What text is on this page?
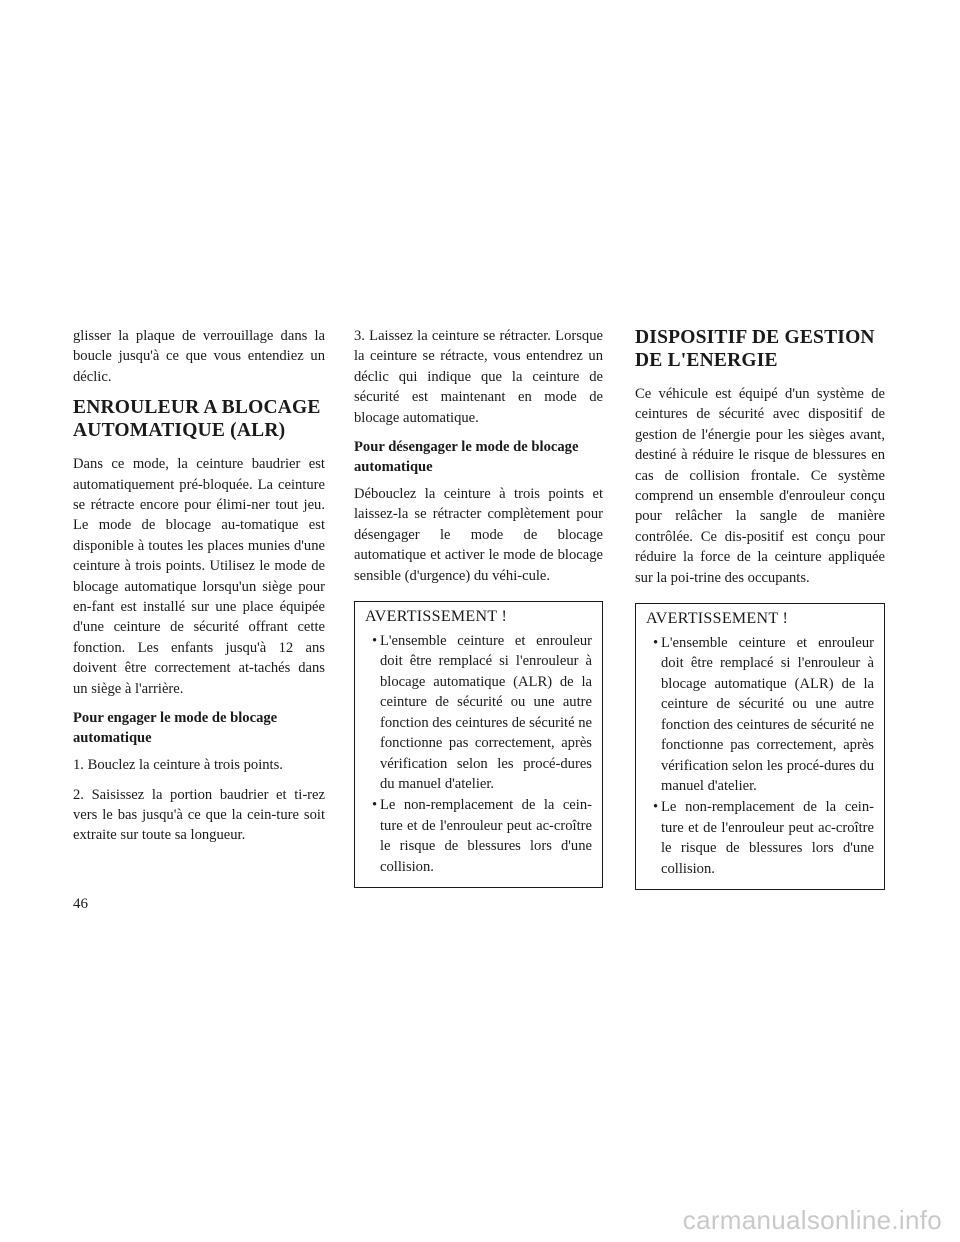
glisser la plaque de verrouillage dans la boucle jusqu'à ce que vous entendiez un déclic.

ENROULEUR A BLOCAGE AUTOMATIQUE (ALR)

Dans ce mode, la ceinture baudrier est automatiquement pré-bloquée. La ceinture se rétracte encore pour élimi-ner tout jeu. Le mode de blocage au-tomatique est disponible à toutes les places munies d'une ceinture à trois points. Utilisez le mode de blocage automatique lorsqu'un siège pour en-fant est installé sur une place équipée d'une ceinture de sécurité offrant cette fonction. Les enfants jusqu'à 12 ans doivent être correctement at-tachés dans un siège à l'arrière.

Pour engager le mode de blocage automatique

1. Bouclez la ceinture à trois points.

2. Saisissez la portion baudrier et ti-rez vers le bas jusqu'à ce que la cein-ture soit extraite sur toute sa longueur.

3. Laissez la ceinture se rétracter. Lorsque la ceinture se rétracte, vous entendrez un déclic qui indique que la ceinture de sécurité est maintenant en mode de blocage automatique.

Pour désengager le mode de blocage automatique

Débouclez la ceinture à trois points et laissez-la se rétracter complètement pour désengager le mode de blocage automatique et activer le mode de blocage sensible (d'urgence) du véhi-cule.

AVERTISSEMENT !
• L'ensemble ceinture et enrouleur doit être remplacé si l'enrouleur à blocage automatique (ALR) de la ceinture de sécurité ou une autre fonction des ceintures de sécurité ne fonctionne pas correctement, après vérification selon les procé-dures du manuel d'atelier.
• Le non-remplacement de la cein-ture et de l'enrouleur peut ac-croître le risque de blessures lors d'une collision.
DISPOSITIF DE GESTION DE L'ENERGIE

Ce véhicule est équipé d'un système de ceintures de sécurité avec dispositif de gestion de l'énergie pour les sièges avant, destiné à réduire le risque de blessures en cas de collision frontale. Ce système comprend un ensemble d'enrouleur conçu pour relâcher la sangle de manière contrôlée. Ce dis-positif est conçu pour réduire la force de la ceinture appliquée sur la poi-trine des occupants.

AVERTISSEMENT !
• L'ensemble ceinture et enrouleur doit être remplacé si l'enrouleur à blocage automatique (ALR) de la ceinture de sécurité ou une autre fonction des ceintures de sécurité ne fonctionne pas correctement, après vérification selon les procé-dures du manuel d'atelier.
• Le non-remplacement de la cein-ture et de l'enrouleur peut ac-croître le risque de blessures lors d'une collision.
46
carmanualsonline.info
